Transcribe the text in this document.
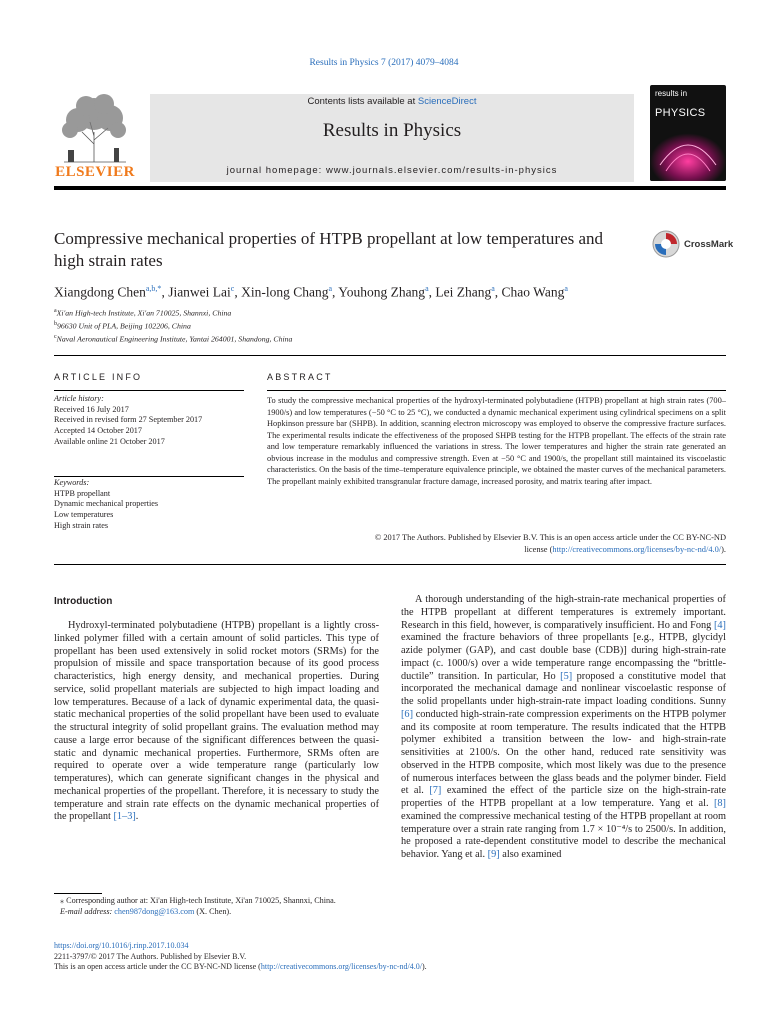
Results in Physics 7 (2017) 4079–4084
ELSEVIER
Contents lists available at ScienceDirect
Results in Physics
journal homepage: www.journals.elsevier.com/results-in-physics
results in
PHYSICS
Compressive mechanical properties of HTPB propellant at low temperatures and high strain rates
CrossMark
Xiangdong Chen$^{a,b,*}$, Jianwei Lai$^c$, Xin-long Chang$^a$, Youhong Zhang$^a$, Lei Zhang$^a$, Chao Wang$^a$
$^a$Xi'an High-tech Institute, Xi'an 710025, Shannxi, China
$^b$96630 Unit of PLA, Beijing 102206, China
$^c$Naval Aeronautical Engineering Institute, Yantai 264001, Shandong, China
ARTICLE INFO	ABSTRACT
Article history:
Received 16 July 2017
Received in revised form 27 September 2017
Accepted 14 October 2017
Available online 21 October 2017
Keywords:
HTPB propellant
Dynamic mechanical properties
Low temperatures
High strain rates
To study the compressive mechanical properties of the hydroxyl-terminated polybutadiene (HTPB) propellant at high strain rates (700–1900/s) and low temperatures (−50 °C to 25 °C), we conducted a dynamic mechanical experiment using cylindrical specimens on a split Hopkinson pressure bar (SHPB). In addition, scanning electron microscopy was employed to observe the compressive fracture surfaces. The experimental results indicate the effectiveness of the proposed SHPB testing for the HTPB propellant. The effects of the strain rate and low temperature remarkably influenced the variations in stress. The lower temperatures and higher the strain rate generated an obvious increase in the modulus and compressive strength. Even at −50 °C and 1900/s, the propellant still maintained its viscoelastic characteristics. On the basis of the time–temperature equivalence principle, we obtained the master curves of the mechanical parameters. The propellant mainly exhibited transgranular fracture damage, increased porosity, and matrix tearing after impact.
© 2017 The Authors. Published by Elsevier B.V. This is an open access article under the CC BY-NC-ND
license (http://creativecommons.org/licenses/by-nc-nd/4.0/).
Introduction
Hydroxyl-terminated polybutadiene (HTPB) propellant is a lightly cross-linked polymer filled with a certain amount of solid particles. This type of propellant has been used extensively in solid rocket motors (SRMs) for the propulsion of missile and space transportation because of its good process characteristics, high energy density, and mechanical properties. During service, solid propellant materials are subjected to high impact loading and low temperatures. Because of a lack of dynamic experimental data, the quasi-static mechanical properties of the solid propellant have been used to evaluate the structural integrity of solid propellant grains. The evaluation method may cause a large error because of the significant differences between the quasi-static and dynamic mechanical properties. Furthermore, SRMs often are required to operate over a wide temperature range (particularly low temperatures), which can generate significant changes in the physical and mechanical properties of the propellant. Therefore, it is necessary to study the temperature and strain rate effects on the dynamic mechanical properties of the propellant [1–3].
A thorough understanding of the high-strain-rate mechanical properties of the HTPB propellant at different temperatures is extremely important. Research in this field, however, is comparatively insufficient. Ho and Fong [4] examined the fracture behaviors of three propellants [e.g., HTPB, glycidyl azide polymer (GAP), and cast double base (CDB)] during high-strain-rate impact (c. 1000/s) over a wide temperature range encompassing the “brittle-ductile” transition. In particular, Ho [5] proposed a constitutive model that incorporated the mechanical damage and nonlinear viscoelastic response of the solid propellants under high-strain-rate impact loading conditions. Sunny [6] conducted high-strain-rate compression experiments on the HTPB polymer and its composite at room temperature. The results indicated that the HTPB polymer exhibited a transition between the low- and high-strain-rate sensitivities at 2100/s. On the other hand, reduced rate sensitivity was observed in the HTPB composite, which most likely was due to the presence of numerous interfaces between the glass beads and the polymer binder. Field et al. [7] examined the effect of the particle size on the high-strain-rate properties of the HTPB propellant at a low temperature. Yang et al. [8] examined the compressive mechanical testing of the HTPB propellant at room temperature over a strain rate ranging from 1.7 × 10⁻⁴/s to 2500/s. In addition, he proposed a rate-dependent constitutive model to describe the mechanical behavior. Yang et al. [9] also examined
⁎ Corresponding author at: Xi'an High-tech Institute, Xi'an 710025, Shannxi, China.
E-mail address: chen987dong@163.com (X. Chen).
https://doi.org/10.1016/j.rinp.2017.10.034
2211-3797/© 2017 The Authors. Published by Elsevier B.V.
This is an open access article under the CC BY-NC-ND license (http://creativecommons.org/licenses/by-nc-nd/4.0/).
